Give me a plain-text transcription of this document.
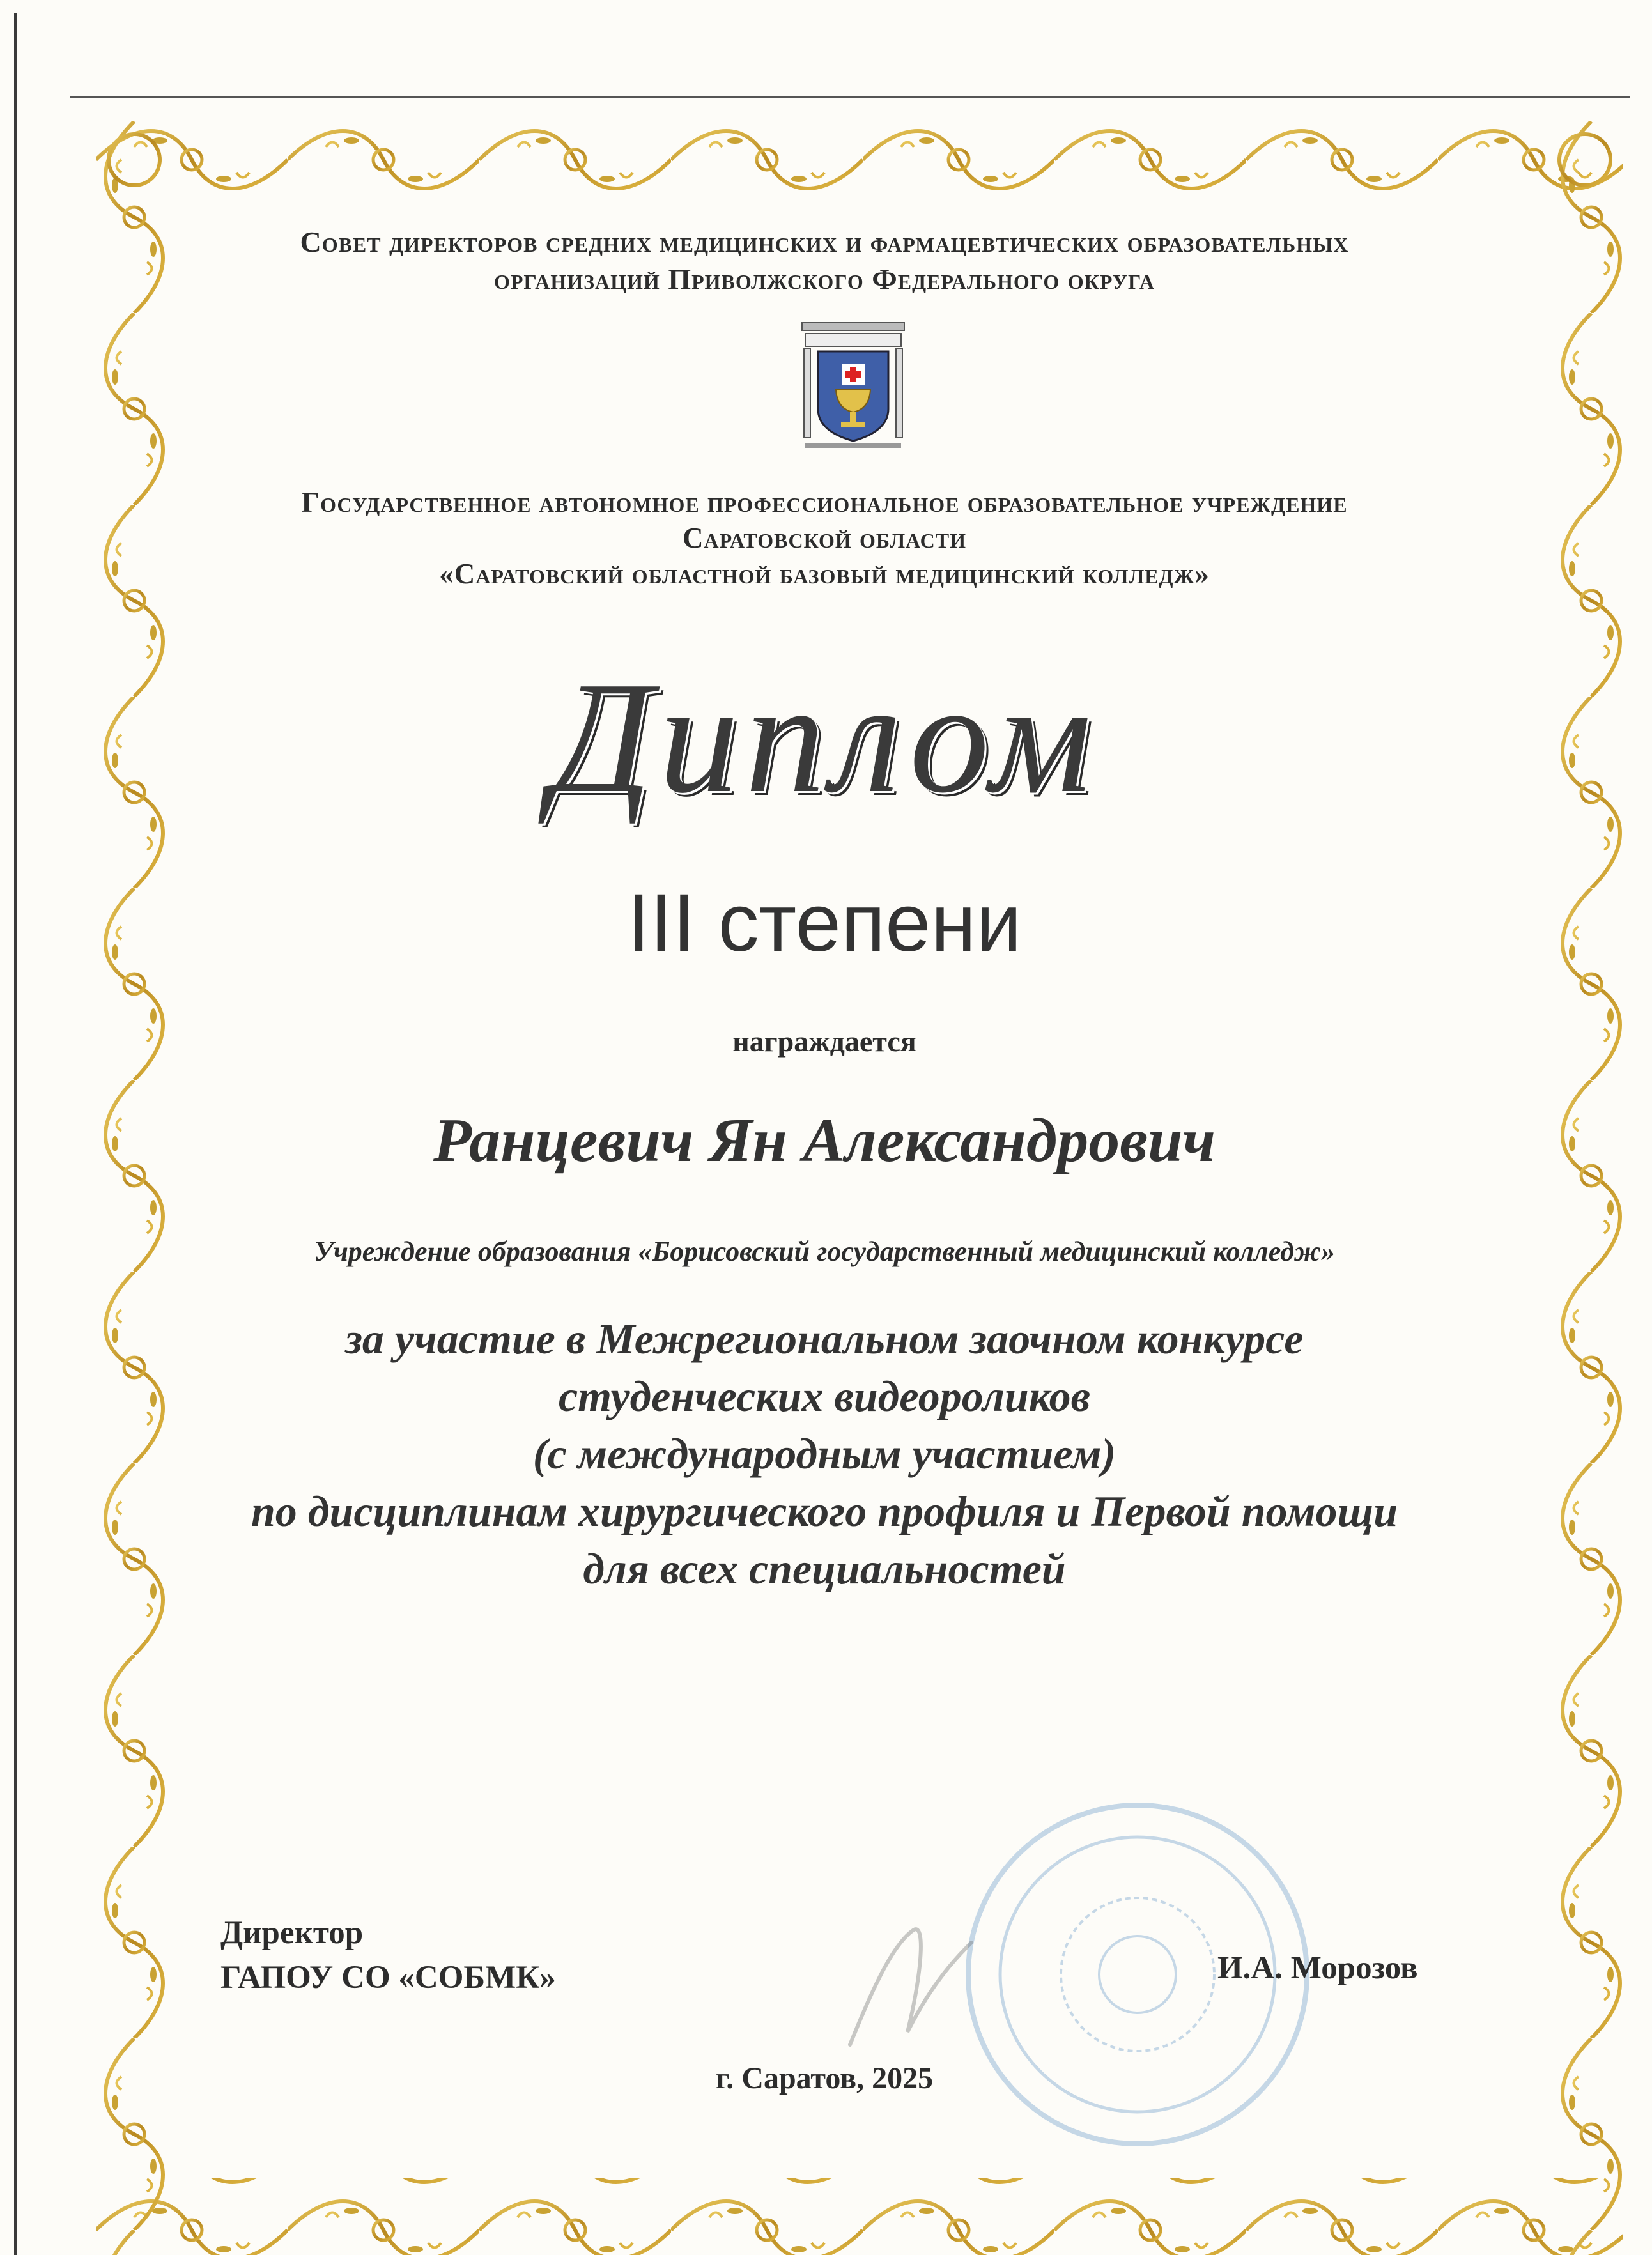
Совет директоров средних медицинских и фармацевтических образовательных
организаций Приволжского Федерального округа
Государственное автономное профессиональное образовательное учреждение
Саратовской области
«Саратовский областной базовый медицинский колледж»
Диплом
III степени
награждается
Ранцевич Ян Александрович
Учреждение образования «Борисовский государственный медицинский колледж»
за участие в Межрегиональном заочном конкурсе
студенческих видеороликов
(с международным участием)
по дисциплинам хирургического профиля и Первой помощи
для всех специальностей
Директор
ГАПОУ СО «СОБМК»	И.А. Морозов
г. Саратов, 2025
